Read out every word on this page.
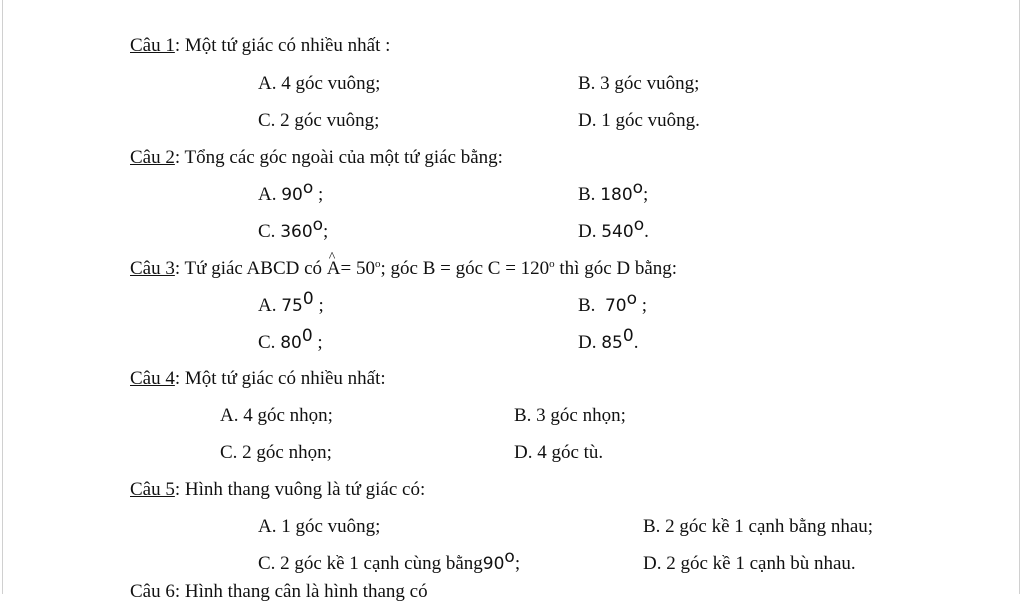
Câu 1: Một tứ giác có nhiều nhất :
A. 4 góc vuông;	B. 3 góc vuông;
C. 2 góc vuông;	D. 1 góc vuông.
Câu 2: Tổng các góc ngoài của một tứ giác bằng:
A. 90$^o$ ;	B. 180$^o$;
C. 360$^o$;	D. 540$^o$.
Câu 3: Tứ giác ABCD có ^ $A= 50^o$; góc B = góc $C = 120^o$ thì góc D bằng:
A. $75^0$ ;	B. 70$^o$ ;
C. $80^0$ ;	D. $85^0$.
Câu 4: Một tứ giác có nhiều nhất:
A. 4 góc nhọn;	B. 3 góc nhọn;
C. 2 góc nhọn;	D. 4 góc tù.
Câu 5: Hình thang vuông là tứ giác có:
A. 1 góc vuông;	B. 2 góc kề 1 cạnh bằng nhau;
C. 2 góc kề 1 cạnh cùng bằng90$^o$;	D. 2 góc kề 1 cạnh bù nhau.
Câu 6: Hình thang cân là hình thang có
